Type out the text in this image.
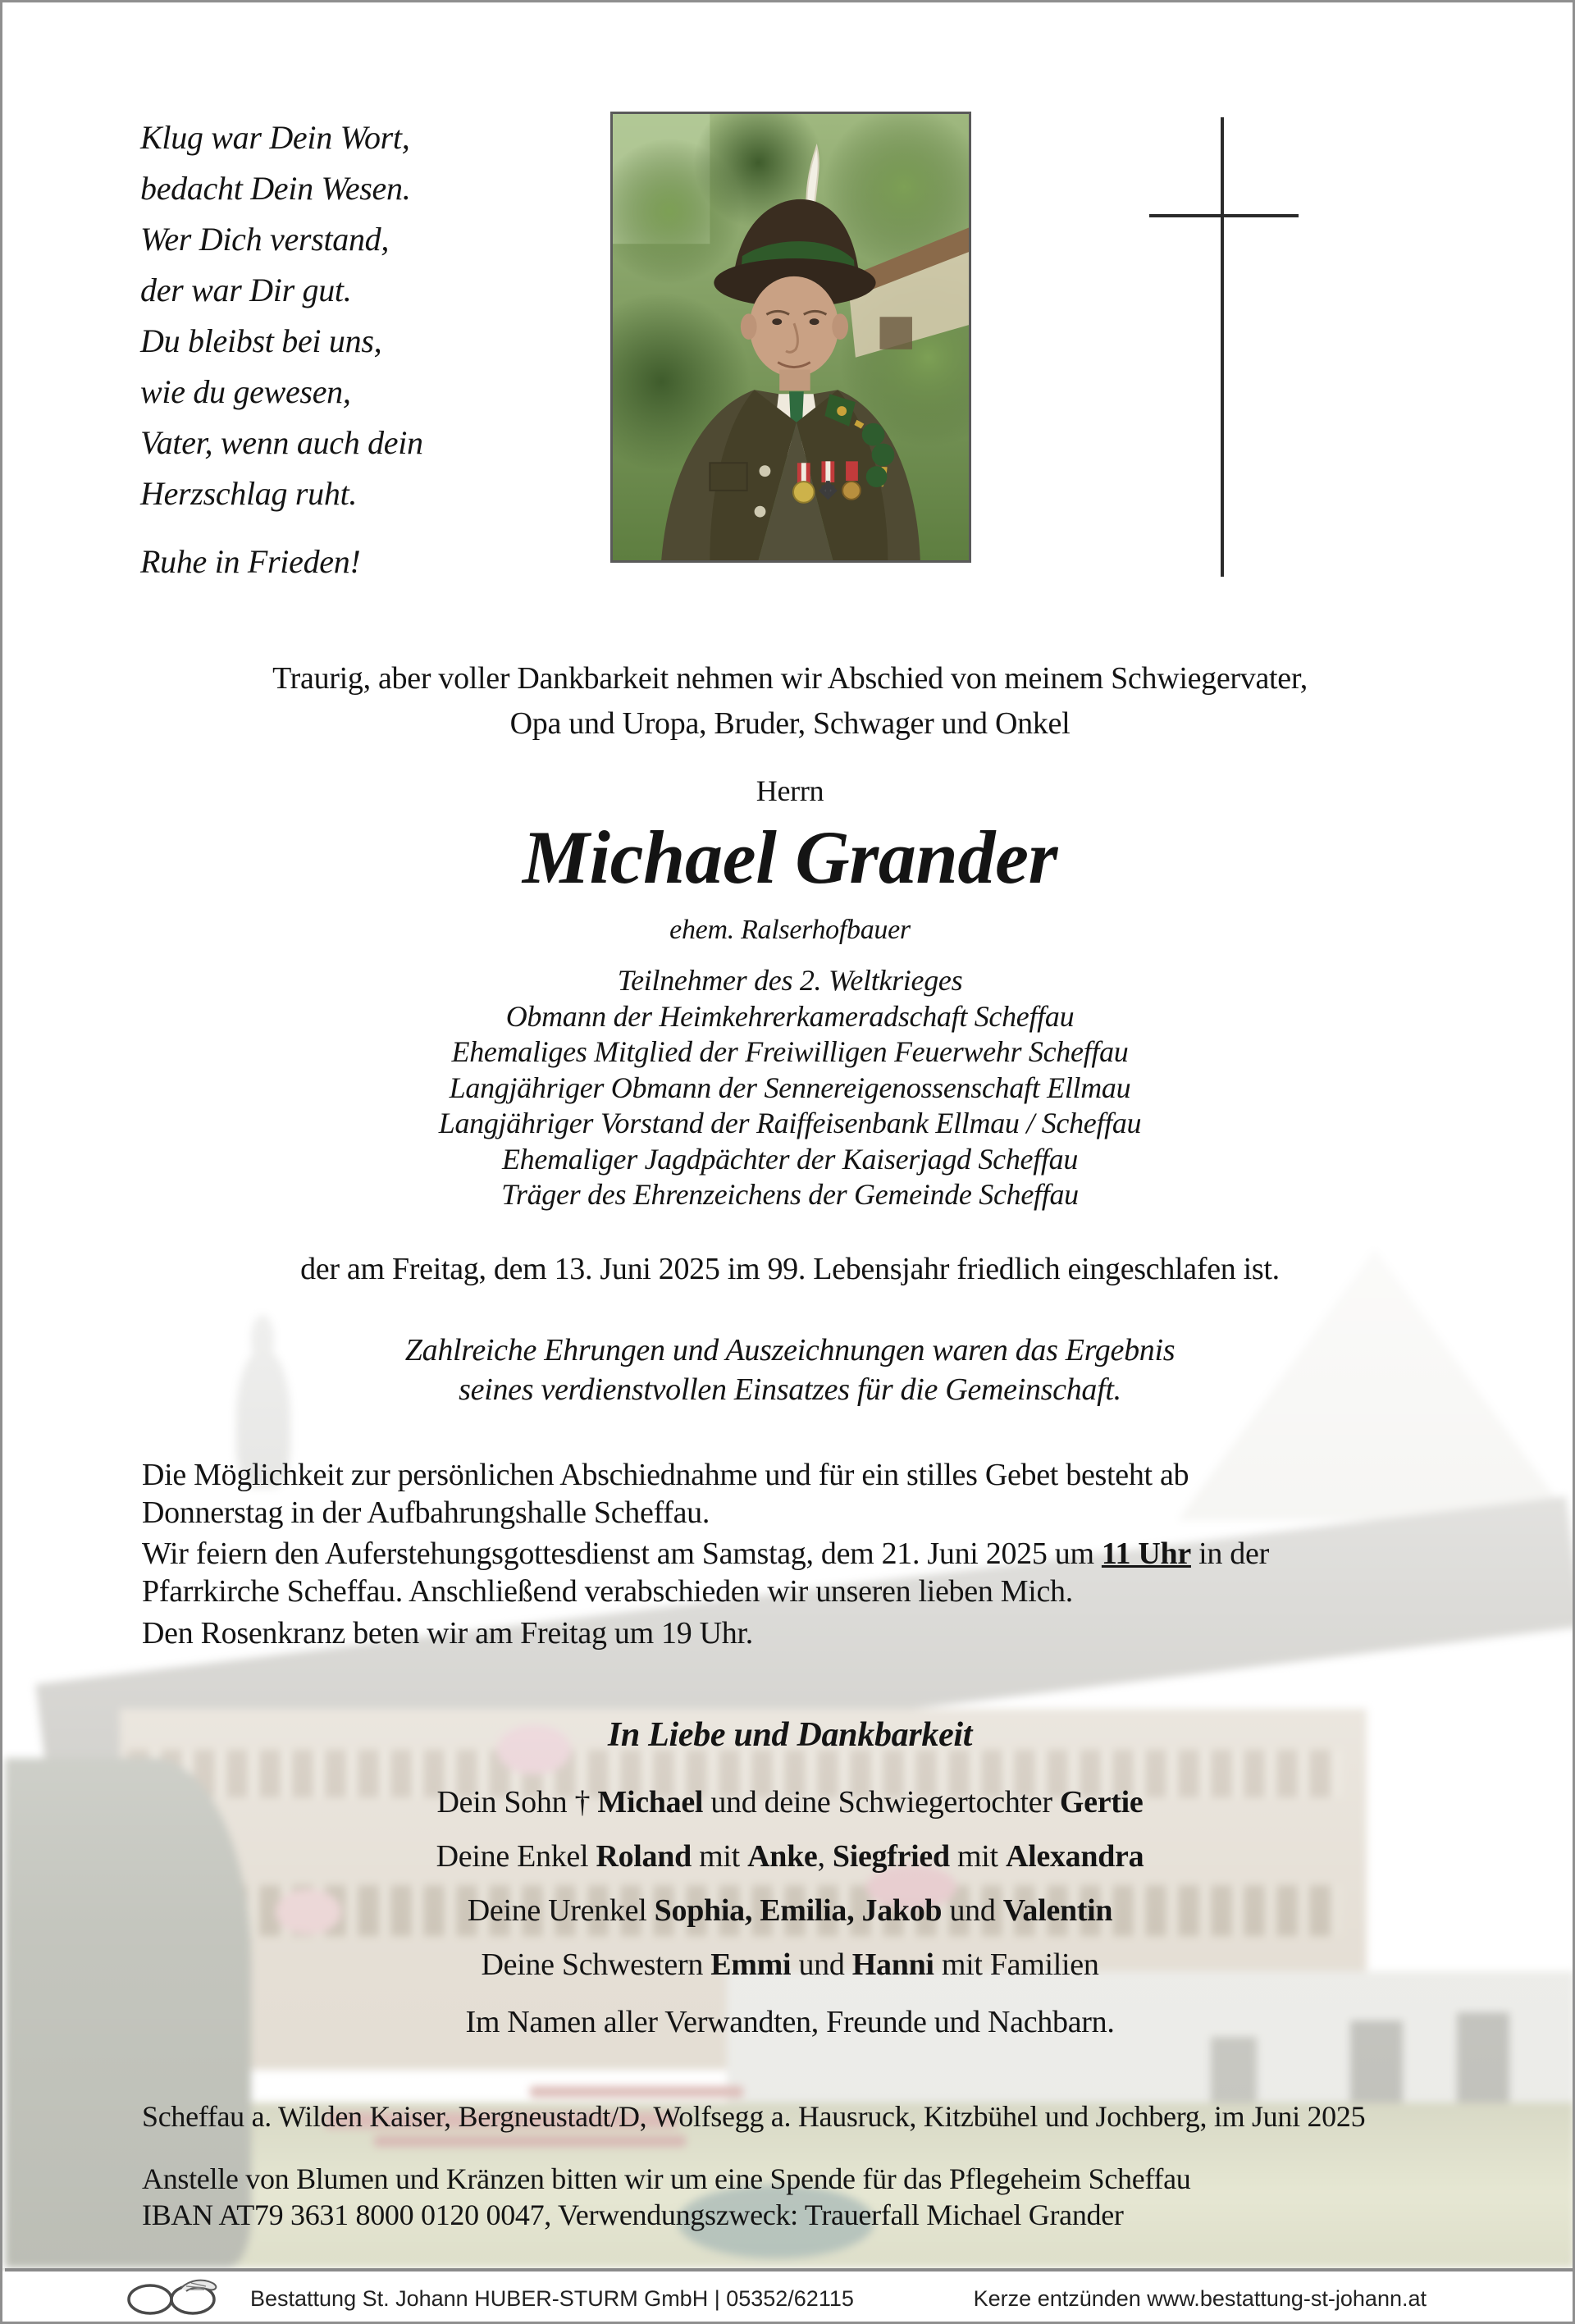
Klug war Dein Wort,
bedacht Dein Wesen.
Wer Dich verstand,
der war Dir gut.
Du bleibst bei uns,
wie du gewesen,
Vater, wenn auch dein
Herzschlag ruht.
Ruhe in Frieden!
Traurig, aber voller Dankbarkeit nehmen wir Abschied von meinem Schwiegervater,
Opa und Uropa, Bruder, Schwager und Onkel
Herrn
Michael Grander
ehem. Ralserhofbauer
Teilnehmer des 2. Weltkrieges
Obmann der Heimkehrerkameradschaft Scheffau
Ehemaliges Mitglied der Freiwilligen Feuerwehr Scheffau
Langjähriger Obmann der Sennereigenossenschaft Ellmau
Langjähriger Vorstand der Raiffeisenbank Ellmau / Scheffau
Ehemaliger Jagdpächter der Kaiserjagd Scheffau
Träger des Ehrenzeichens der Gemeinde Scheffau
der am Freitag, dem 13. Juni 2025 im 99. Lebensjahr friedlich eingeschlafen ist.
Zahlreiche Ehrungen und Auszeichnungen waren das Ergebnis
seines verdienstvollen Einsatzes für die Gemeinschaft.
Die Möglichkeit zur persönlichen Abschiednahme und für ein stilles Gebet besteht ab
Donnerstag in der Aufbahrungshalle Scheffau.
Wir feiern den Auferstehungsgottesdienst am Samstag, dem 21. Juni 2025 um 11 Uhr in der
Pfarrkirche Scheffau. Anschließend verabschieden wir unseren lieben Mich.
Den Rosenkranz beten wir am Freitag um 19 Uhr.
In Liebe und Dankbarkeit
Dein Sohn † Michael und deine Schwiegertochter Gertie
Deine Enkel Roland mit Anke, Siegfried mit Alexandra
Deine Urenkel Sophia, Emilia, Jakob und Valentin
Deine Schwestern Emmi und Hanni mit Familien
Im Namen aller Verwandten, Freunde und Nachbarn.
Scheffau a. Wilden Kaiser, Bergneustadt/D, Wolfsegg a. Hausruck, Kitzbühel und Jochberg, im Juni 2025
Anstelle von Blumen und Kränzen bitten wir um eine Spende für das Pflegeheim Scheffau
IBAN AT79 3631 8000 0120 0047, Verwendungszweck: Trauerfall Michael Grander
Bestattung St. Johann HUBER-STURM GmbH | 05352/62115	Kerze entzünden www.bestattung-st-johann.at
